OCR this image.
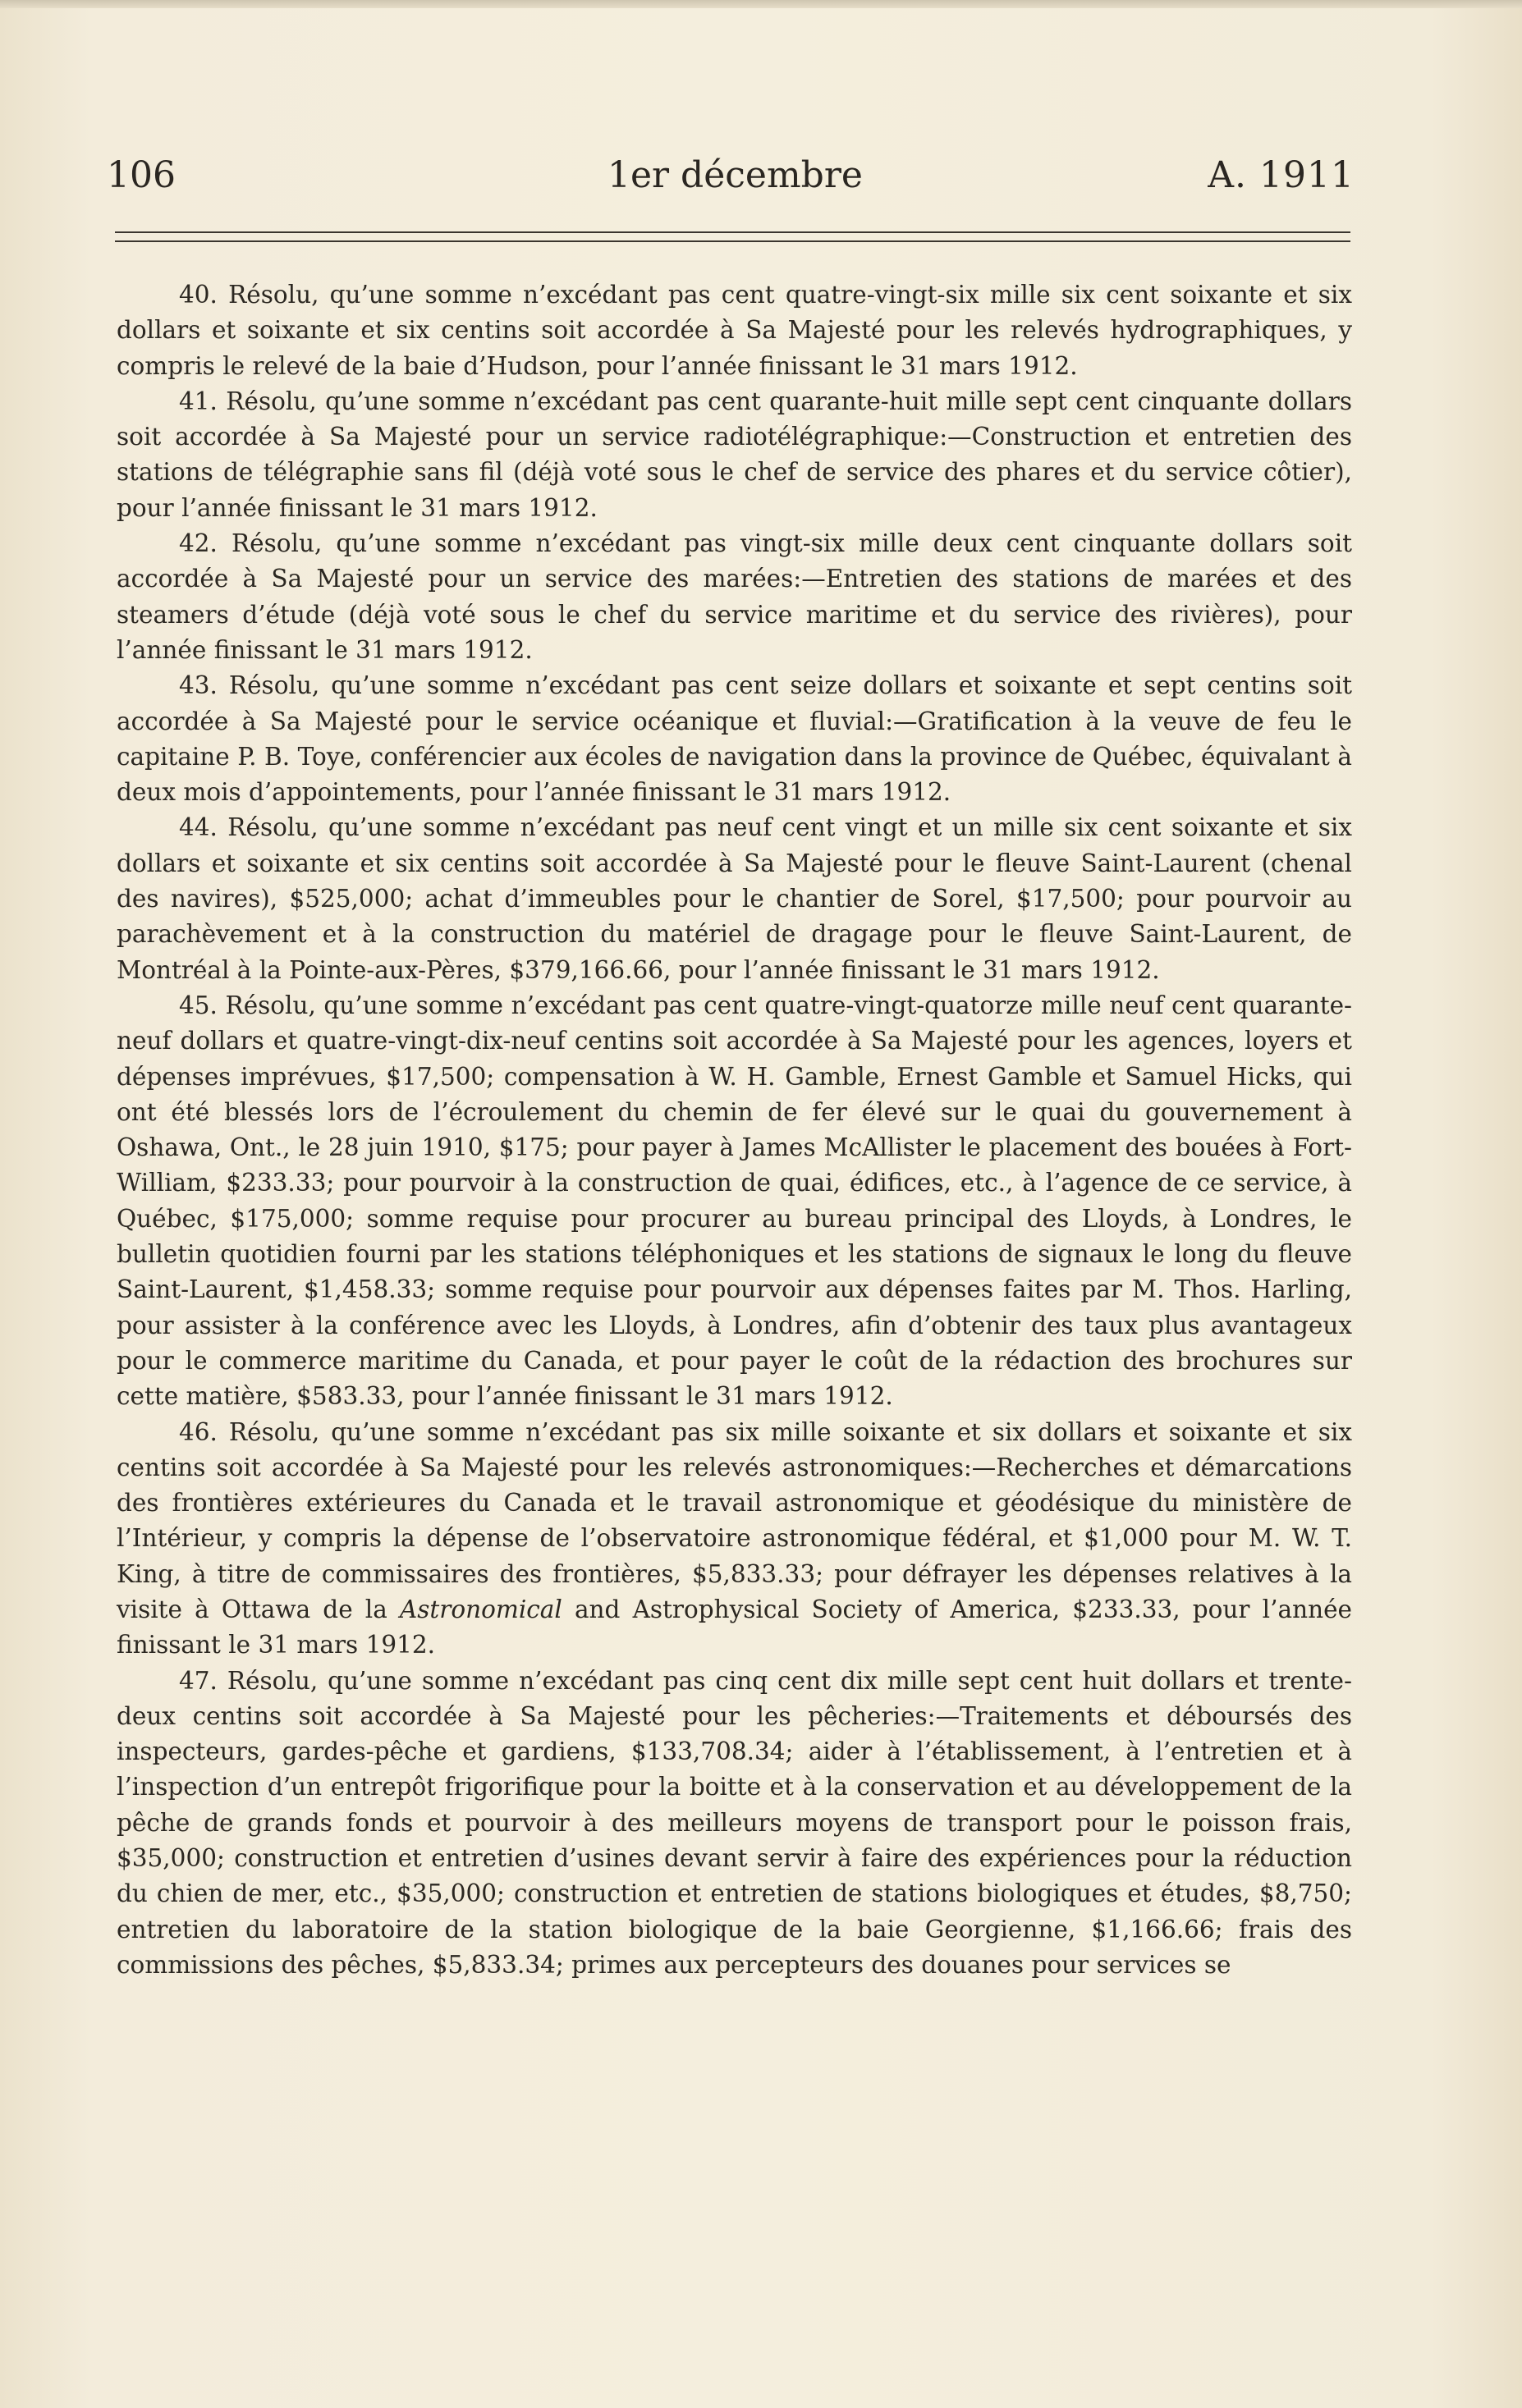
106	1er décembre	A. 1911

40. Résolu, qu’une somme n’excédant pas cent quatre-vingt-six mille six cent soixante et six dollars et soixante et six centins soit accordée à Sa Majesté pour les relevés hydrographiques, y compris le relevé de la baie d’Hudson, pour l’année finissant le 31 mars 1912.

41. Résolu, qu’une somme n’excédant pas cent quarante-huit mille sept cent cinquante dollars soit accordée à Sa Majesté pour un service radiotélégraphique:—Construction et entretien des stations de télégraphie sans fil (déjà voté sous le chef de service des phares et du service côtier), pour l’année finissant le 31 mars 1912.

42. Résolu, qu’une somme n’excédant pas vingt-six mille deux cent cinquante dollars soit accordée à Sa Majesté pour un service des marées:—Entretien des stations de marées et des steamers d’étude (déjà voté sous le chef du service maritime et du service des rivières), pour l’année finissant le 31 mars 1912.

43. Résolu, qu’une somme n’excédant pas cent seize dollars et soixante et sept centins soit accordée à Sa Majesté pour le service océanique et fluvial:—Gratification à la veuve de feu le capitaine P. B. Toye, conférencier aux écoles de navigation dans la province de Québec, équivalant à deux mois d’appointements, pour l’année finissant le 31 mars 1912.

44. Résolu, qu’une somme n’excédant pas neuf cent vingt et un mille six cent soixante et six dollars et soixante et six centins soit accordée à Sa Majesté pour le fleuve Saint-Laurent (chenal des navires), $525,000; achat d’immeubles pour le chantier de Sorel, $17,500; pour pourvoir au parachèvement et à la construction du matériel de dragage pour le fleuve Saint-Laurent, de Montréal à la Pointe-aux-Pères, $379,166.66, pour l’année finissant le 31 mars 1912.

45. Résolu, qu’une somme n’excédant pas cent quatre-vingt-quatorze mille neuf cent quarante-neuf dollars et quatre-vingt-dix-neuf centins soit accordée à Sa Majesté pour les agences, loyers et dépenses imprévues, $17,500; compensation à W. H. Gamble, Ernest Gamble et Samuel Hicks, qui ont été blessés lors de l’écroulement du chemin de fer élevé sur le quai du gouvernement à Oshawa, Ont., le 28 juin 1910, $175; pour payer à James McAllister le placement des bouées à Fort-William, $233.33; pour pourvoir à la construction de quai, édifices, etc., à l’agence de ce service, à Québec, $175,000; somme requise pour procurer au bureau principal des Lloyds, à Londres, le bulletin quotidien fourni par les stations téléphoniques et les stations de signaux le long du fleuve Saint-Laurent, $1,458.33; somme requise pour pourvoir aux dépenses faites par M. Thos. Harling, pour assister à la conférence avec les Lloyds, à Londres, afin d’obtenir des taux plus avantageux pour le commerce maritime du Canada, et pour payer le coût de la rédaction des brochures sur cette matière, $583.33, pour l’année finissant le 31 mars 1912.

46. Résolu, qu’une somme n’excédant pas six mille soixante et six dollars et soixante et six centins soit accordée à Sa Majesté pour les relevés astronomiques:—Recherches et démarcations des frontières extérieures du Canada et le travail astronomique et géodésique du ministère de l’Intérieur, y compris la dépense de l’observatoire astronomique fédéral, et $1,000 pour M. W. T. King, à titre de commissaires des frontières, $5,833.33; pour défrayer les dépenses relatives à la visite à Ottawa de la Astronomical and Astrophysical Society of America, $233.33, pour l’année finissant le 31 mars 1912.

47. Résolu, qu’une somme n’excédant pas cinq cent dix mille sept cent huit dollars et trente-deux centins soit accordée à Sa Majesté pour les pêcheries:—Traitements et déboursés des inspecteurs, gardes-pêche et gardiens, $133,708.34; aider à l’établissement, à l’entretien et à l’inspection d’un entrepôt frigorifique pour la boitte et à la conservation et au développement de la pêche de grands fonds et pourvoir à des meilleurs moyens de transport pour le poisson frais, $35,000; construction et entretien d’usines devant servir à faire des expériences pour la réduction du chien de mer, etc., $35,000; construction et entretien de stations biologiques et études, $8,750; entretien du laboratoire de la station biologique de la baie Georgienne, $1,166.66; frais des commissions des pêches, $5,833.34; primes aux percepteurs des douanes pour services se
